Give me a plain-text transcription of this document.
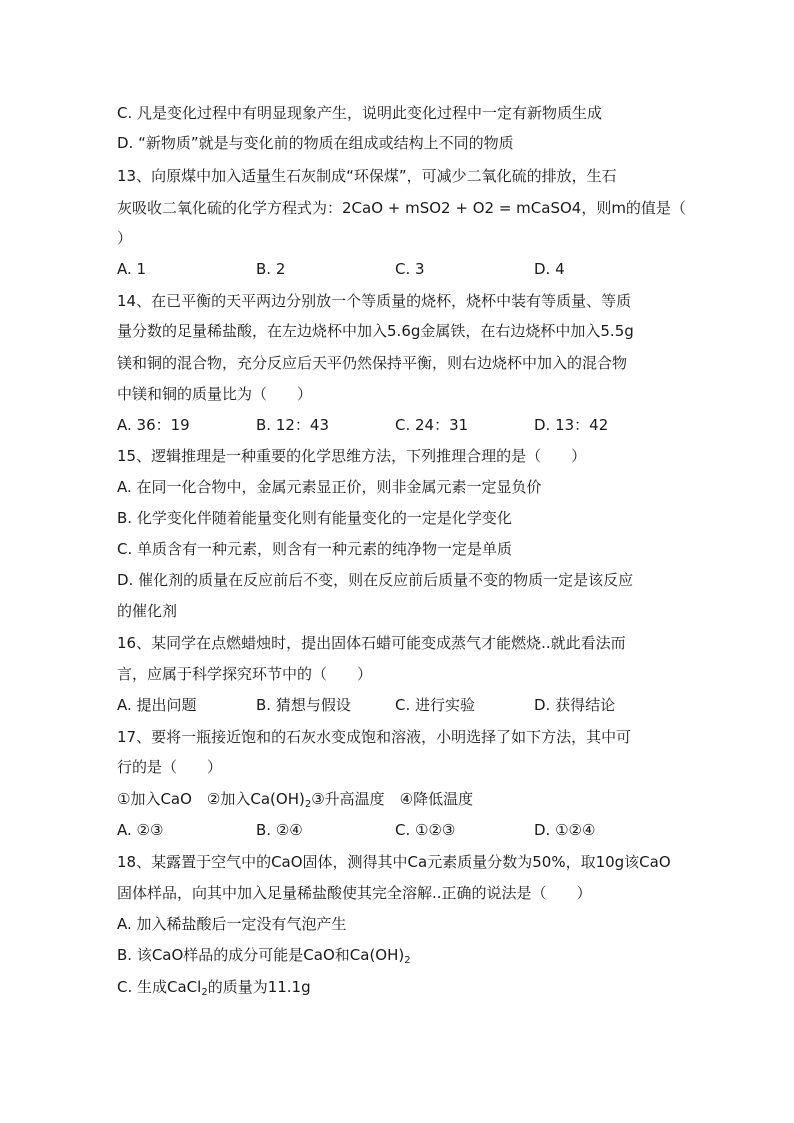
C. 凡是变化过程中有明显现象产生，说明此变化过程中一定有新物质生成
D. “新物质”就是与变化前的物质在组成或结构上不同的物质
13、向原煤中加入适量生石灰制成“环保煤”，可减少二氧化硫的排放，生石
灰吸收二氧化硫的化学方程式为：2CaO + mSO2 + O2 = mCaSO4，则m的值是（
）
A. 1	B. 2	C. 3	D. 4
14、在已平衡的天平两边分别放一个等质量的烧杯，烧杯中装有等质量、等质
量分数的足量稀盐酸，在左边烧杯中加入5.6g金属铁，在右边烧杯中加入5.5g
镁和铜的混合物，充分反应后天平仍然保持平衡，则右边烧杯中加入的混合物
中镁和铜的质量比为（　　）
A. 36：19	B. 12：43	C. 24：31	D. 13：42
15、逻辑推理是一种重要的化学思维方法，下列推理合理的是（　　）
A. 在同一化合物中，金属元素显正价，则非金属元素一定显负价
B. 化学变化伴随着能量变化则有能量变化的一定是化学变化
C. 单质含有一种元素，则含有一种元素的纯净物一定是单质
D. 催化剂的质量在反应前后不变，则在反应前后质量不变的物质一定是该反应
的催化剂
16、某同学在点燃蜡烛时，提出固体石蜡可能变成蒸气才能燃烧..就此看法而
言，应属于科学探究环节中的（　　）
A. 提出问题	B. 猜想与假设	C. 进行实验	D. 获得结论
17、要将一瓶接近饱和的石灰水变成饱和溶液，小明选择了如下方法，其中可
行的是（　　）
①加入CaO  ②加入$Ca(OH)_2③$升高温度  ④降低温度
A. ②③	B. ②④	C. ①②③	D. ①②④
18、某露置于空气中的CaO固体，测得其中Ca元素质量分数为50%，取10g该CaO
固体样品，向其中加入足量稀盐酸使其完全溶解..正确的说法是（　　）
A. 加入稀盐酸后一定没有气泡产生
B. 该CaO样品的成分可能是CaO和$Ca(OH)_2$
C. 生成CaCl$_2$的质量为11.1g
